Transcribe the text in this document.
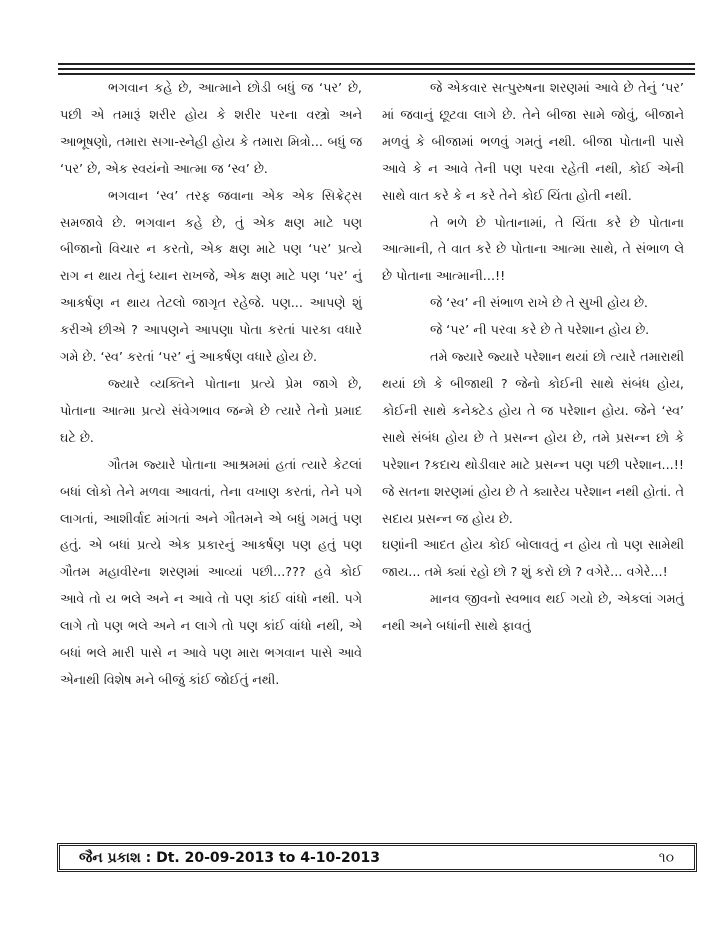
ભગવાન કહે છે, આત્માને છોડી બધું જ ‘પર’ છે, પછી એ તમારૂં શરીર હોય કે શરીર પરના વસ્ત્રો અને આભૂષણો, તમારા સગા-સ્નેહી હોય કે તમારા મિત્રો... બધું જ ‘પર’ છે, એક સ્વયંનો આત્મા જ ‘સ્વ’ છે.

ભગવાન ‘સ્વ’ તરફ જવાના એક એક સિક્રેટ્સ સમજાવે છે. ભગવાન કહે છે, તું એક ક્ષણ માટે પણ બીજાનો વિચાર ન કરતો, એક ક્ષણ માટે પણ ‘પર’ પ્રત્યે રાગ ન થાય તેનું ધ્યાન રાખજે, એક ક્ષણ માટે પણ ‘પર’ નું આકર્ષણ ન થાય તેટલો જાગૃત રહેજે. પણ... આપણે શું કરીએ છીએ ? આપણને આપણા પોતા કરતાં પારકા વધારે ગમે છે. ‘સ્વ’ કરતાં ‘પર’ નું આકર્ષણ વધારે હોય છે.

જ્યારે વ્યક્તિને પોતાના પ્રત્યે પ્રેમ જાગે છે, પોતાના આત્મા પ્રત્યે સંવેગભાવ જન્મે છે ત્યારે તેનો પ્રમાદ ઘટે છે.

ગૌતમ જ્યારે પોતાના આશ્રમમાં હતાં ત્યારે કેટલાં બધાં લોકો તેને મળવા આવતાં, તેના વખાણ કરતાં, તેને પગે લાગતાં, આશીર્વાદ માંગતાં અને ગૌતમને એ બધું ગમતું પણ હતું. એ બધાં પ્રત્યે એક પ્રકારનું આકર્ષણ પણ હતું પણ ગૌતમ મહાવીરના શરણમાં આવ્યાં પછી...??? હવે કોઈ આવે તો ય ભલે અને ન આવે તો પણ કાંઈ વાંધો નથી. પગે લાગે તો પણ ભલે અને ન લાગે તો પણ કાંઈ વાંધો નથી, એ બધાં ભલે મારી પાસે ન આવે પણ મારા ભગવાન પાસે આવે એનાથી વિશેષ મને બીજું કાંઈ જોઈતું નથી.

જે એકવાર સત્પુરુષના શરણમાં આવે છે તેનું ‘પર’ માં જવાનું છૂટવા લાગે છે. તેને બીજા સામે જોવું, બીજાને મળવું કે બીજામાં ભળવું ગમતું નથી. બીજા પોતાની પાસે આવે કે ન આવે તેની પણ પરવા રહેતી નથી, કોઈ એની સાથે વાત કરે કે ન કરે તેને કોઈ ચિંતા હોતી નથી.

તે ભળે છે પોતાનામાં, તે ચિંતા કરે છે પોતાના આત્માની, તે વાત કરે છે પોતાના આત્મા સાથે, તે સંભાળ લે છે પોતાના આત્માની...!!

જે ‘સ્વ’ ની સંભાળ રાખે છે તે સુખી હોય છે.

જે ‘પર’ ની પરવા કરે છે તે પરેશાન હોય છે.

તમે જ્યારે જ્યારે પરેશાન થયાં છો ત્યારે તમારાથી થયાં છો કે બીજાથી ? જેનો કોઈની સાથે સંબંધ હોય, કોઈની સાથે કનેક્ટેડ હોય તે જ પરેશાન હોય. જેને ‘સ્વ’ સાથે સંબંધ હોય છે તે પ્રસન્ન હોય છે, તમે પ્રસન્ન છો કે પરેશાન ?કદાચ થોડીવાર માટે પ્રસન્ન પણ પછી પરેશાન...!! જે સતના શરણમાં હોય છે તે ક્યારેય પરેશાન નથી હોતાં. તે સદાય પ્રસન્ન જ હોય છે.

ઘણાંની આદત હોય કોઈ બોલાવતું ન હોય તો પણ સામેથી જાય... તમે ક્યાં રહો છો ? શું કરો છો ? વગેરે... વગેરે...!

માનવ જીવનો સ્વભાવ થઈ ગયો છે, એકલાં ગમતું નથી અને બધાંની સાથે ફાવતું

જૈન પ્રકાશ : Dt. 20-09-2013 to 4-10-2013	૧૦
